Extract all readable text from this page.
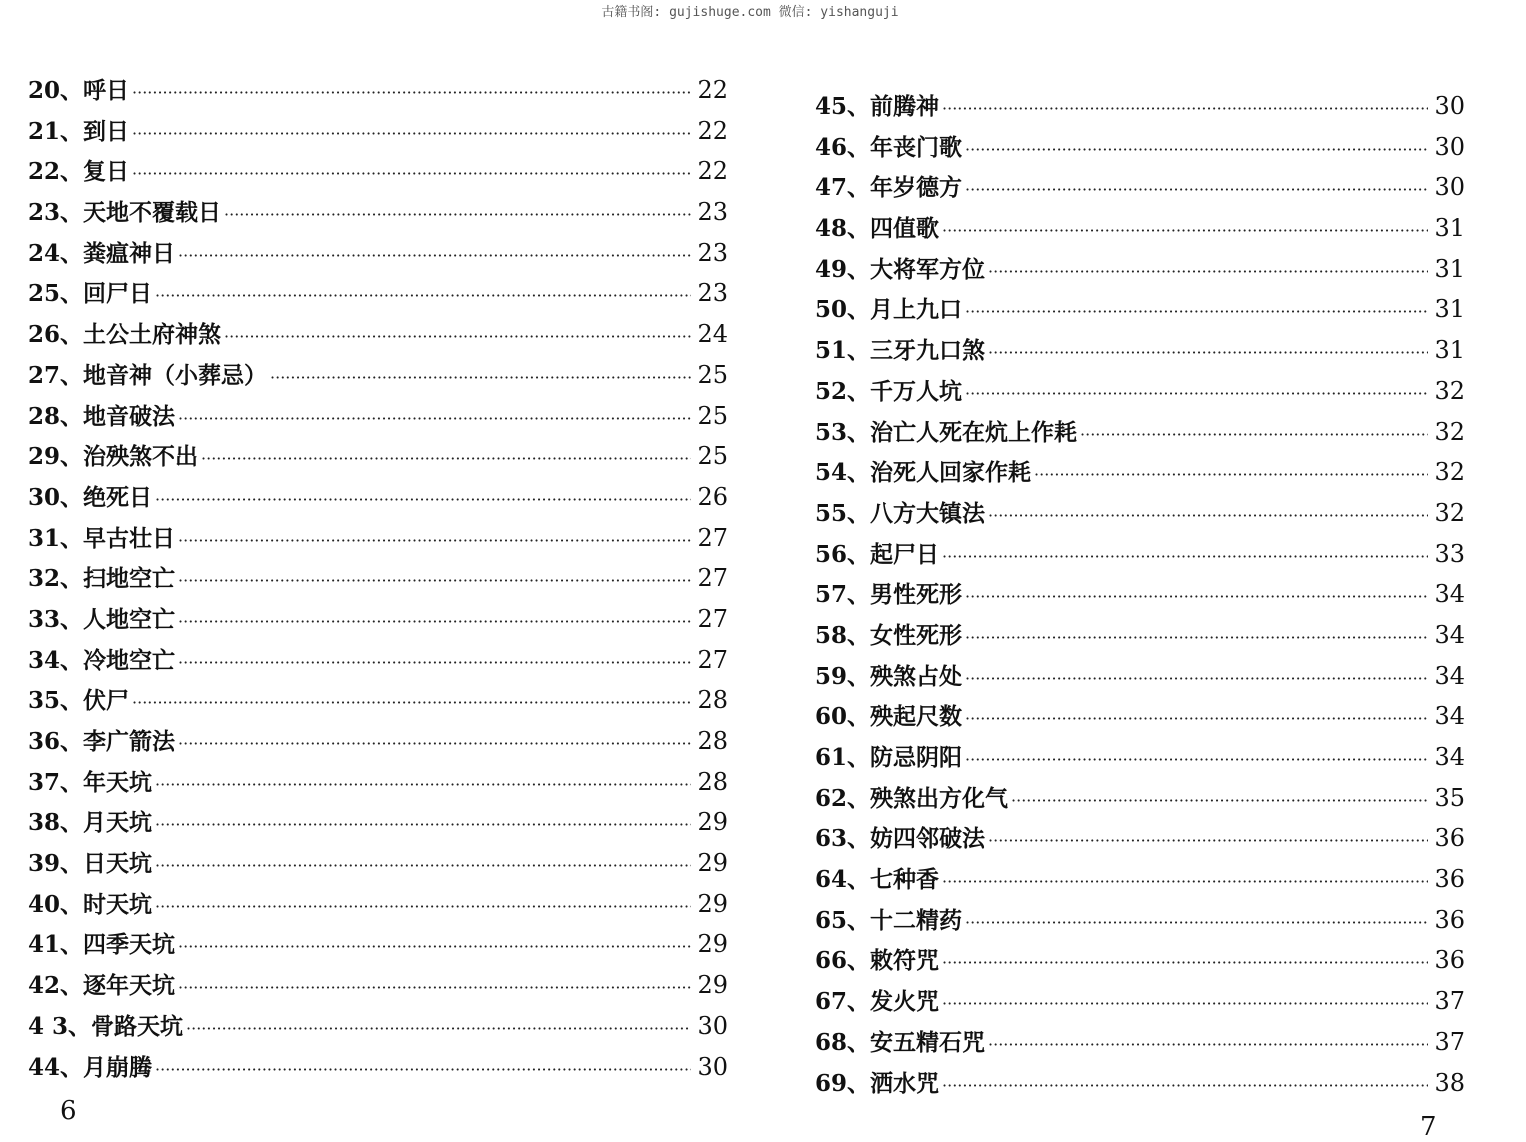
古籍书阁: gujishuge.com 微信: yishanguji
20、呼日 ·····	22
21、到日 ·····	22
22、复日 ·····	22
23、天地不覆载日 ·····	23
24、粪瘟神日 ·····	23
25、回尸日 ·····	23
26、土公土府神煞 ·····	24
27、地音神（小葬忌） ·····	25
28、地音破法 ·····	25
29、治殃煞不出 ·····	25
30、绝死日 ·····	26
31、早古壮日 ·····	27
32、扫地空亡 ·····	27
33、人地空亡 ·····	27
34、冷地空亡 ·····	27
35、伏尸 ·····	28
36、李广箭法 ·····	28
37、年天坑 ·····	28
38、月天坑 ·····	29
39、日天坑 ·····	29
40、时天坑 ·····	29
41、四季天坑 ·····	29
42、逐年天坑 ·····	29
4 3、骨路天坑 ·····	30
44、月崩腾 ·····	30
45、前腾神 ·····	30
46、年丧门歌 ·····	30
47、年岁德方 ·····	30
48、四值歌 ·····	31
49、大将军方位 ·····	31
50、月上九口 ·····	31
51、三牙九口煞 ·····	31
52、千万人坑 ·····	32
53、治亡人死在炕上作耗 ·····	32
54、治死人回家作耗 ·····	32
55、八方大镇法 ·····	32
56、起尸日 ·····	33
57、男性死形 ·····	34
58、女性死形 ·····	34
59、殃煞占处 ·····	34
60、殃起尺数 ·····	34
61、防忌阴阳 ·····	34
62、殃煞出方化气 ·····	35
63、妨四邻破法 ·····	36
64、七种香 ·····	36
65、十二精药 ·····	36
66、敕符咒 ·····	36
67、发火咒 ·····	37
68、安五精石咒 ·····	37
69、洒水咒 ·····	38
6
7
